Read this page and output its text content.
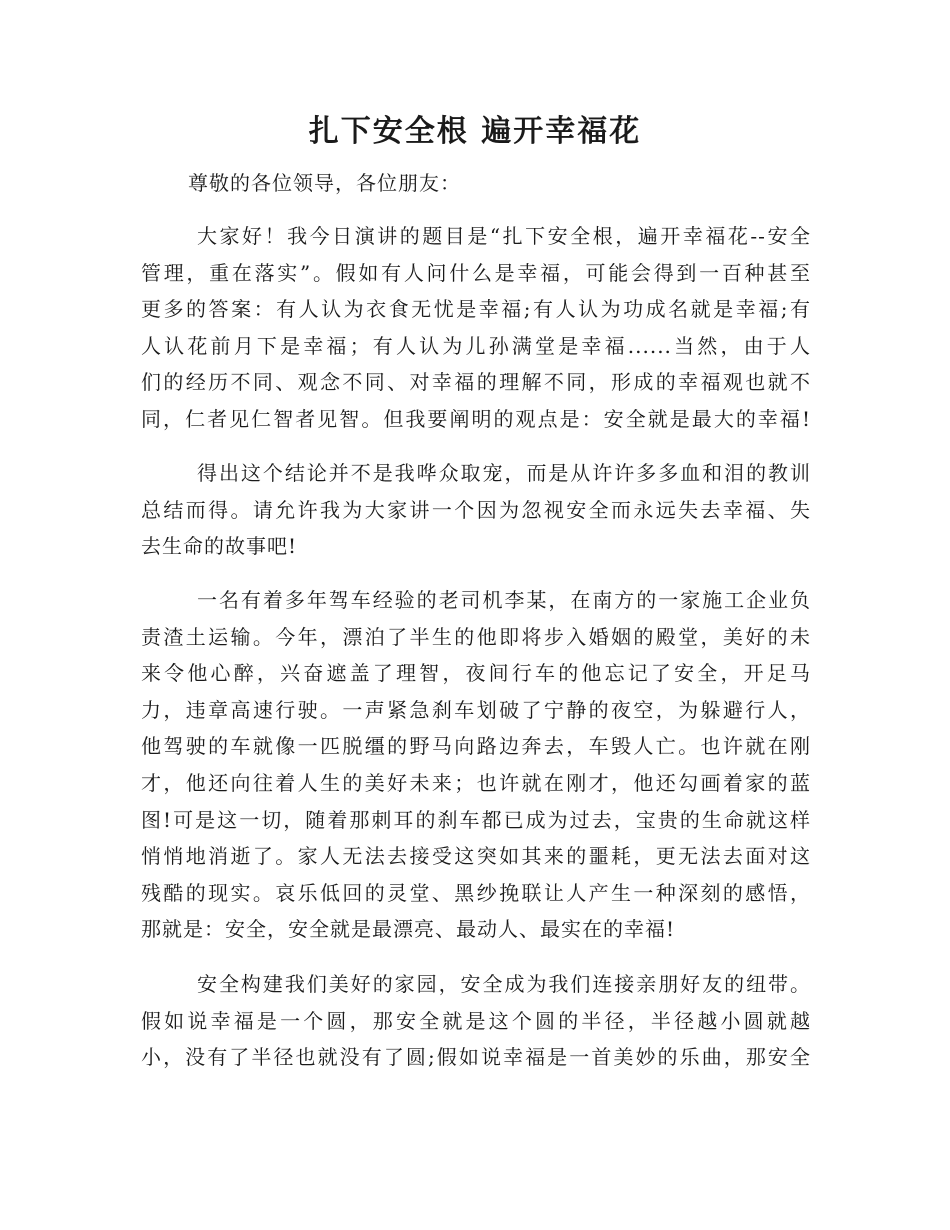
扎下安全根 遍开幸福花

尊敬的各位领导，各位朋友：

大家好！我今日演讲的题目是“扎下安全根，遍开幸福花--安全
管理，重在落实”。假如有人问什么是幸福，可能会得到一百种甚至
更多的答案：有人认为衣食无忧是幸福;有人认为功成名就是幸福;有
人认花前月下是幸福；有人认为儿孙满堂是幸福......当然，由于人
们的经历不同、观念不同、对幸福的理解不同，形成的幸福观也就不
同，仁者见仁智者见智。但我要阐明的观点是：安全就是最大的幸福!
得出这个结论并不是我哗众取宠，而是从许许多多血和泪的教训
总结而得。请允许我为大家讲一个因为忽视安全而永远失去幸福、失
去生命的故事吧!
一名有着多年驾车经验的老司机李某，在南方的一家施工企业负
责渣土运输。今年，漂泊了半生的他即将步入婚姻的殿堂，美好的未
来令他心醉，兴奋遮盖了理智，夜间行车的他忘记了安全，开足马
力，违章高速行驶。一声紧急刹车划破了宁静的夜空，为躲避行人，
他驾驶的车就像一匹脱缰的野马向路边奔去，车毁人亡。也许就在刚
才，他还向往着人生的美好未来；也许就在刚才，他还勾画着家的蓝
图!可是这一切，随着那刺耳的刹车都已成为过去，宝贵的生命就这样
悄悄地消逝了。家人无法去接受这突如其来的噩耗，更无法去面对这
残酷的现实。哀乐低回的灵堂、黑纱挽联让人产生一种深刻的感悟，
那就是：安全，安全就是最漂亮、最动人、最实在的幸福!
安全构建我们美好的家园，安全成为我们连接亲朋好友的纽带。
假如说幸福是一个圆，那安全就是这个圆的半径，半径越小圆就越
小，没有了半径也就没有了圆;假如说幸福是一首美妙的乐曲，那安全
